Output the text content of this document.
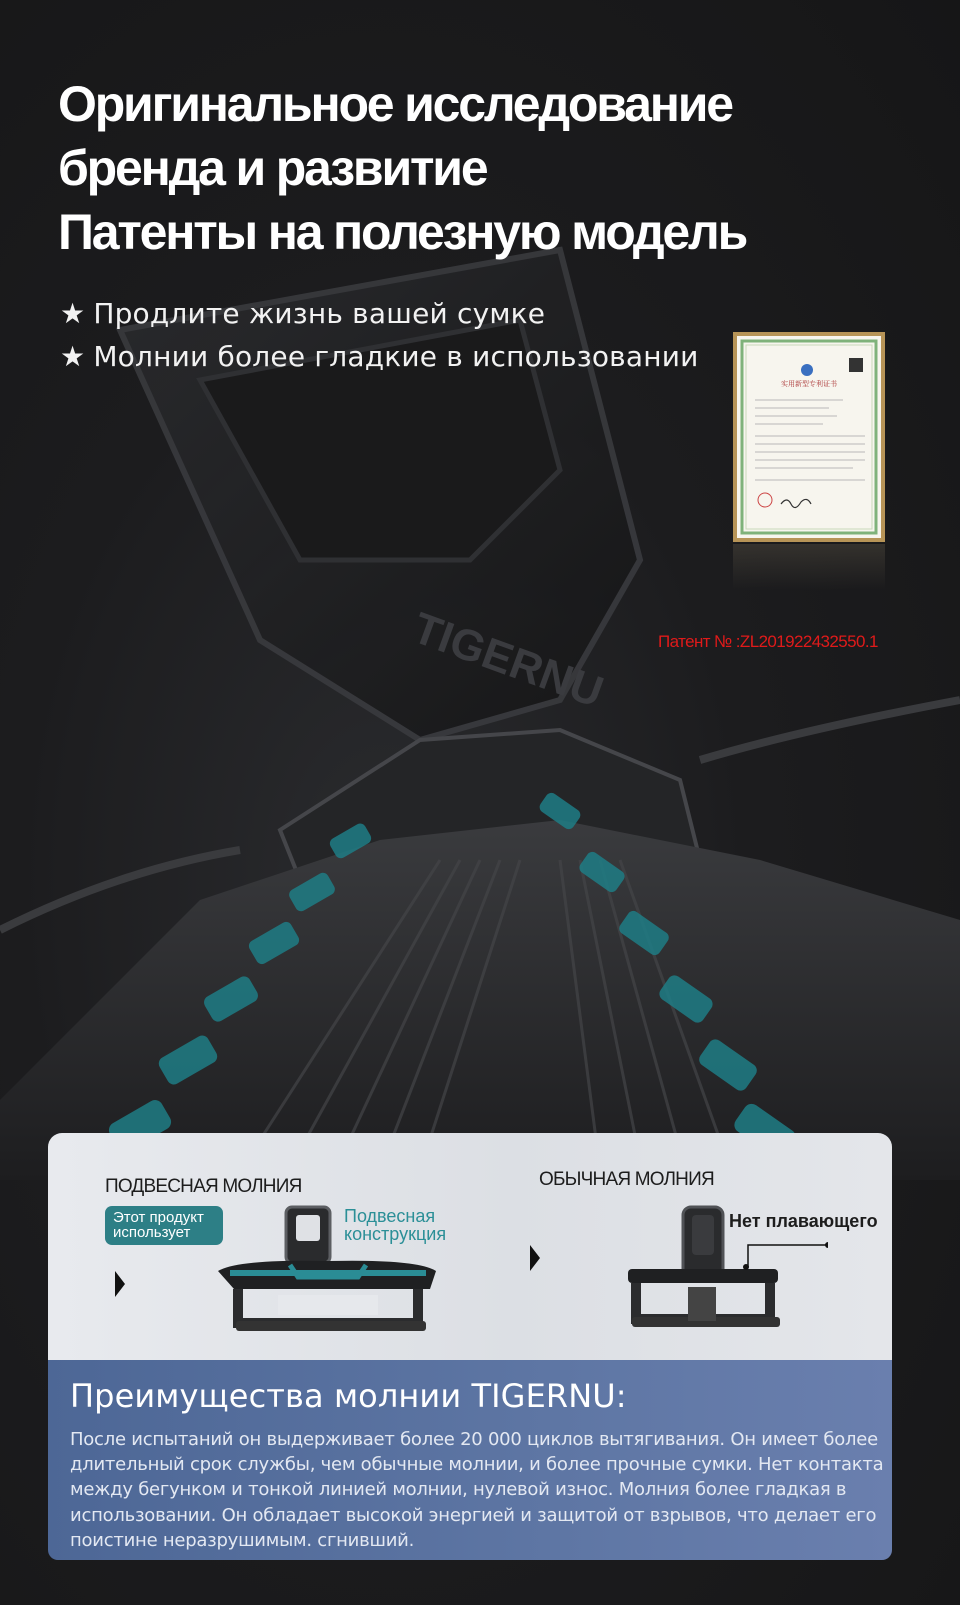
TIGERNU
Оригинальное исследование
бренда и развитие
Патенты на полезную модель
★ Продлите жизнь вашей сумке
★ Молнии более гладкие в использовании
实用新型专利证书
Патент № :ZL201922432550.1
ПОДВЕСНАЯ МОЛНИЯ
Этот продукт
использует
Подвесная
конструкция
ОБЫЧНАЯ МОЛНИЯ
Нет плавающего
Преимущества молнии TIGERNU:

После испытаний он выдерживает более 20 000 циклов вытягивания. Он имеет более длительный срок службы, чем обычные молнии, и более прочные сумки. Нет контакта между бегунком и тонкой линией молнии, нулевой износ. Молния более гладкая в использовании. Он обладает высокой энергией и защитой от взрывов, что делает его поистине неразрушимым. сгнивший.
